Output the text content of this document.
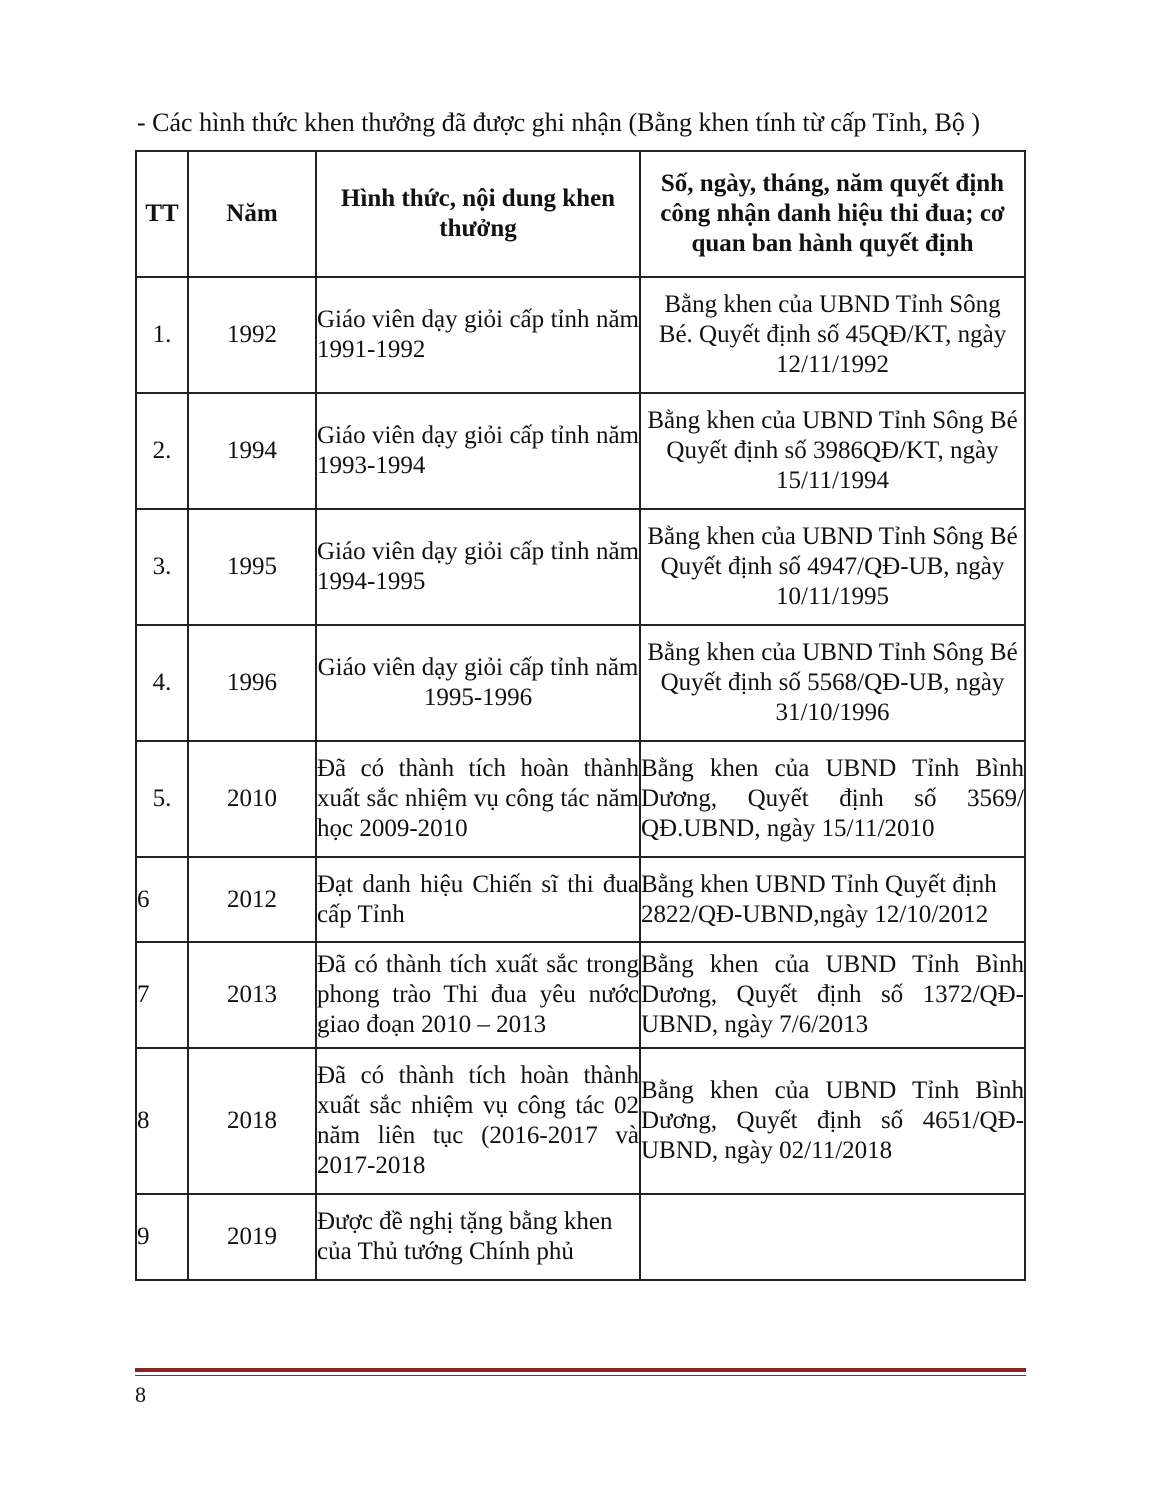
- Các hình thức khen thưởng đã được ghi nhận (Bằng khen tính từ cấp Tỉnh, Bộ )
TT	Năm	Hình thức, nội dung khen thưởng	Số, ngày, tháng, năm quyết định công nhận danh hiệu thi đua; cơ quan ban hành quyết định
1.	1992	Giáo viên dạy giỏi cấp tỉnh năm 1991-1992	Bằng khen của UBND Tỉnh Sông Bé. Quyết định số 45QĐ/KT, ngày 12/11/1992
2.	1994	Giáo viên dạy giỏi cấp tỉnh năm 1993-1994	Bằng khen của UBND Tỉnh Sông Bé Quyết định số 3986QĐ/KT, ngày 15/11/1994
3.	1995	Giáo viên dạy giỏi cấp tỉnh năm 1994-1995	Bằng khen của UBND Tỉnh Sông Bé Quyết định số 4947/QĐ-UB, ngày 10/11/1995
4.	1996	Giáo viên dạy giỏi cấp tỉnh năm 1995-1996	Bằng khen của UBND Tỉnh Sông Bé Quyết định số 5568/QĐ-UB, ngày 31/10/1996
5.	2010	Đã có thành tích hoàn thành xuất sắc nhiệm vụ công tác năm học 2009-2010	Bằng khen của UBND Tỉnh Bình Dương, Quyết định số 3569/ QĐ.UBND, ngày 15/11/2010
6	2012	Đạt danh hiệu Chiến sĩ thi đua cấp Tỉnh	Bằng khen UBND Tỉnh Quyết định 2822/QĐ-UBND,ngày 12/10/2012
7	2013	Đã có thành tích xuất sắc trong phong trào Thi đua yêu nước giao đoạn 2010 – 2013	Bằng khen của UBND Tỉnh Bình Dương, Quyết định số 1372/QĐ-UBND, ngày 7/6/2013
8	2018	Đã có thành tích hoàn thành xuất sắc nhiệm vụ công tác 02 năm liên tục (2016-2017 và 2017-2018	Bằng khen của UBND Tỉnh Bình Dương, Quyết định số 4651/QĐ-UBND, ngày 02/11/2018
9	2019	Được đề nghị tặng bằng khen của Thủ tướng Chính phủ	
8
